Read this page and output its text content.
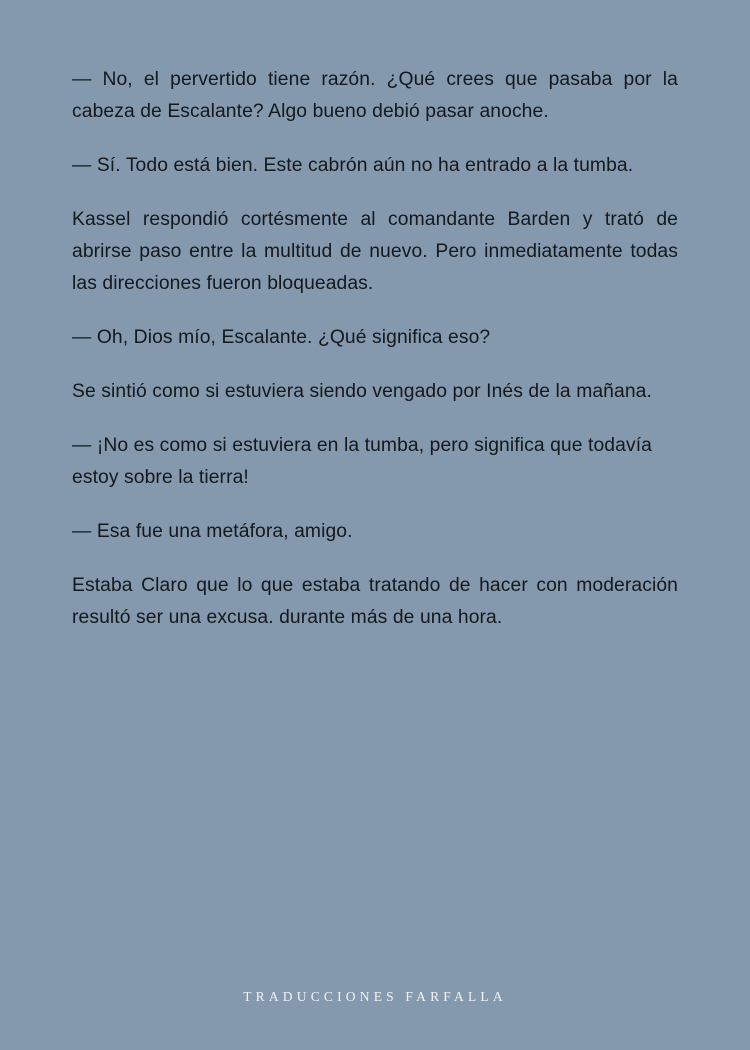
— No, el pervertido tiene razón. ¿Qué crees que pasaba por la cabeza de Escalante? Algo bueno debió pasar anoche.

— Sí. Todo está bien. Este cabrón aún no ha entrado a la tumba.

Kassel respondió cortésmente al comandante Barden y trató de abrirse paso entre la multitud de nuevo. Pero inmediatamente todas las direcciones fueron bloqueadas.

— Oh, Dios mío, Escalante. ¿Qué significa eso?

Se sintió como si estuviera siendo vengado por Inés de la mañana.

— ¡No es como si estuviera en la tumba, pero significa que todavía estoy sobre la tierra!

— Esa fue una metáfora, amigo.

Estaba Claro que lo que estaba tratando de hacer con moderación resultó ser una excusa. durante más de una hora.

TRADUCCIONES FARFALLA
